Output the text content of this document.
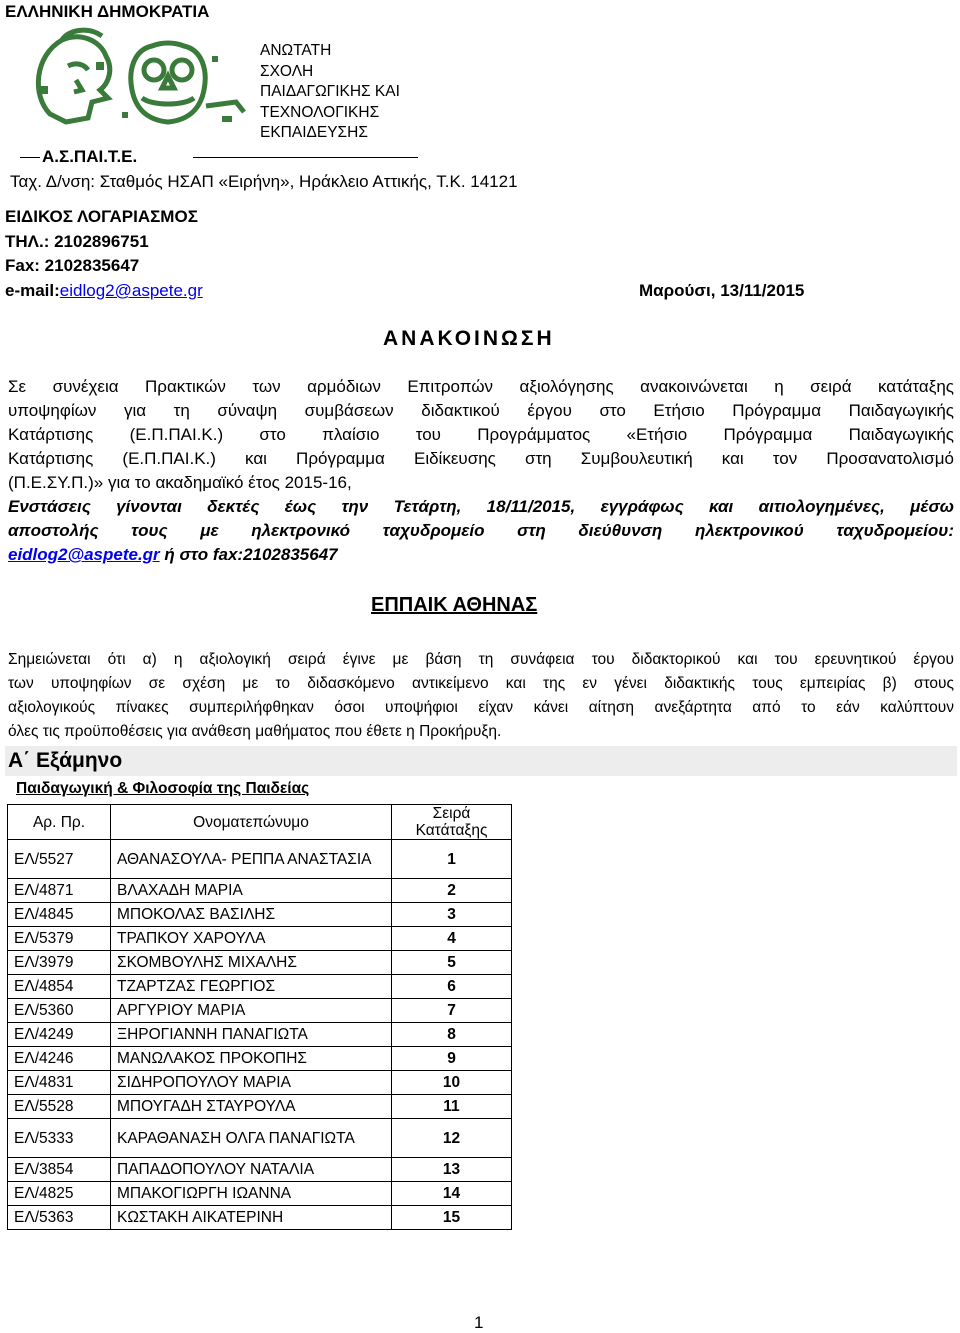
ΕΛΛΗΝΙΚΗ ΔΗΜΟΚΡΑΤΙΑ
ΑΝΩΤΑΤΗ
ΣΧΟΛΗ
ΠΑΙΔΑΓΩΓΙΚΗΣ ΚΑΙ
ΤΕΧΝΟΛΟΓΙΚΗΣ
ΕΚΠΑΙΔΕΥΣΗΣ
Α.Σ.ΠΑΙ.Τ.Ε.
Ταχ. Δ/νση: Σταθμός ΗΣΑΠ «Ειρήνη», Ηράκλειο Αττικής, Τ.Κ. 14121
ΕΙΔΙΚΟΣ ΛΟΓΑΡΙΑΣΜΟΣ
ΤΗΛ.: 2102896751
Fax: 2102835647
e-mail:eidlog2@aspete.gr	Μαρούσι, 13/11/2015
ΑΝΑΚΟΙΝΩΣΗ
Σε συνέχεια Πρακτικών των αρμόδιων Επιτροπών αξιολόγησης ανακοινώνεται η σειρά κατάταξης
υποψηφίων για τη σύναψη συμβάσεων διδακτικού έργου στο Ετήσιο Πρόγραμμα Παιδαγωγικής
Κατάρτισης (Ε.Π.ΠΑΙ.Κ.) στο πλαίσιο του Προγράμματος «Ετήσιο Πρόγραμμα Παιδαγωγικής
Κατάρτισης (Ε.Π.ΠΑΙ.Κ.) και Πρόγραμμα Ειδίκευσης στη Συμβουλευτική και τον Προσανατολισμό
(Π.Ε.ΣΥ.Π.)» για το ακαδημαϊκό έτος 2015-16,
Ενστάσεις γίνονται δεκτές έως την Τετάρτη, 18/11/2015, εγγράφως και αιτιολογημένες, μέσω
αποστολής τους με ηλεκτρονικό ταχυδρομείο στη διεύθυνση ηλεκτρονικού ταχυδρομείου:
eidlog2@aspete.gr ή στο fax:2102835647
ΕΠΠΑΙΚ ΑΘΗΝΑΣ
Σημειώνεται ότι α) η αξιολογική σειρά έγινε με βάση τη συνάφεια του διδακτορικού και του ερευνητικού έργου
των υποψηφίων σε σχέση με το διδασκόμενο αντικείμενο και της εν γένει διδακτικής τους εμπειρίας β) στους
αξιολογικούς πίνακες συμπεριλήφθηκαν όσοι υποψήφιοι είχαν κάνει αίτηση ανεξάρτητα από το εάν καλύπτουν
όλες τις προϋποθέσεις για ανάθεση μαθήματος που έθετε η Προκήρυξη.
Α΄ Εξάμηνο
Παιδαγωγική & Φιλοσοφία της Παιδείας
Αρ. Πρ.	Ονοματεπώνυμο	Σειρά Κατάταξης
ΕΛ/5527	ΑΘΑΝΑΣΟΥΛΑ- ΡΕΠΠΑ ΑΝΑΣΤΑΣΙΑ	1
ΕΛ/4871	ΒΛΑΧΑΔΗ ΜΑΡΙΑ	2
ΕΛ/4845	ΜΠΟΚΟΛΑΣ ΒΑΣΙΛΗΣ	3
ΕΛ/5379	ΤΡΑΠΚΟΥ ΧΑΡΟΥΛΑ	4
ΕΛ/3979	ΣΚΟΜΒΟΥΛΗΣ ΜΙΧΑΛΗΣ	5
ΕΛ/4854	ΤΖΑΡΤΖΑΣ ΓΕΩΡΓΙΟΣ	6
ΕΛ/5360	ΑΡΓΥΡΙΟΥ ΜΑΡΙΑ	7
ΕΛ/4249	ΞΗΡΟΓΙΑΝΝΗ ΠΑΝΑΓΙΩΤΑ	8
ΕΛ/4246	ΜΑΝΩΛΑΚΟΣ ΠΡΟΚΟΠΗΣ	9
ΕΛ/4831	ΣΙΔΗΡΟΠΟΥΛΟΥ ΜΑΡΙΑ	10
ΕΛ/5528	ΜΠΟΥΓΑΔΗ ΣΤΑΥΡΟΥΛΑ	11
ΕΛ/5333	ΚΑΡΑΘΑΝΑΣΗ ΟΛΓΑ ΠΑΝΑΓΙΩΤΑ	12
ΕΛ/3854	ΠΑΠΑΔΟΠΟΥΛΟΥ ΝΑΤΑΛΙΑ	13
ΕΛ/4825	ΜΠΑΚΟΓΙΩΡΓΗ ΙΩΑΝΝΑ	14
ΕΛ/5363	ΚΩΣΤΑΚΗ ΑΙΚΑΤΕΡΙΝΗ	15
1
